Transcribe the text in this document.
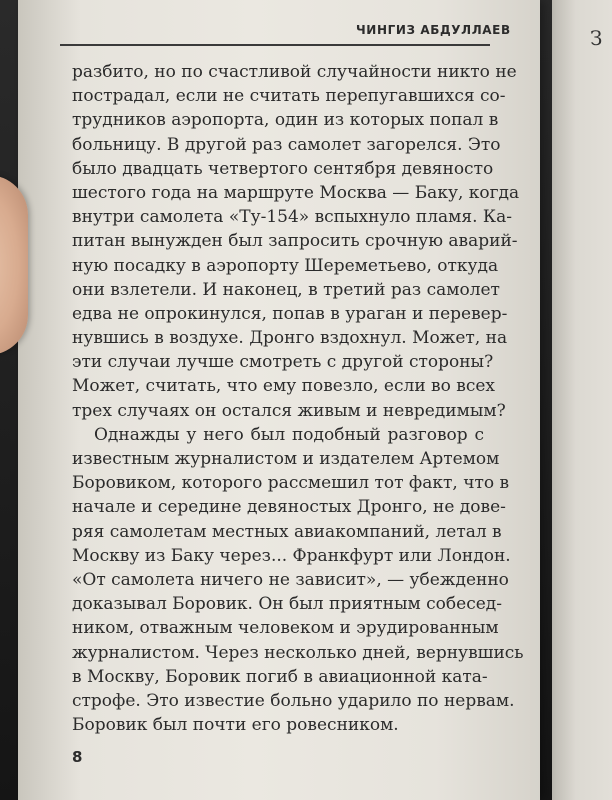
З
ЧИНГИЗ АБДУЛЛАЕВ
разбито, но по счастливой случайности никто не
пострадал, если не считать перепугавшихся со-
трудников аэропорта, один из которых попал в
больницу. В другой раз самолет загорелся. Это
было двадцать четвертого сентября девяносто
шестого года на маршруте Москва — Баку, когда
внутри самолета «Ту-154» вспыхнуло пламя. Ка-
питан вынужден был запросить срочную аварий-
ную посадку в аэропорту Шереметьево, откуда
они взлетели. И наконец, в третий раз самолет
едва не опрокинулся, попав в ураган и перевер-
нувшись в воздухе. Дронго вздохнул. Может, на
эти случаи лучше смотреть с другой стороны?
Может, считать, что ему повезло, если во всех
трех случаях он остался живым и невредимым?
Однажды у него был подобный разговор с
известным журналистом и издателем Артемом
Боровиком, которого рассмешил тот факт, что в
начале и середине девяностых Дронго, не дове-
ряя самолетам местных авиакомпаний, летал в
Москву из Баку через... Франкфурт или Лондон.
«От самолета ничего не зависит», — убежденно
доказывал Боровик. Он был приятным собесед-
ником, отважным человеком и эрудированным
журналистом. Через несколько дней, вернувшись
в Москву, Боровик погиб в авиационной ката-
строфе. Это известие больно ударило по нервам.
Боровик был почти его ровесником.
8
